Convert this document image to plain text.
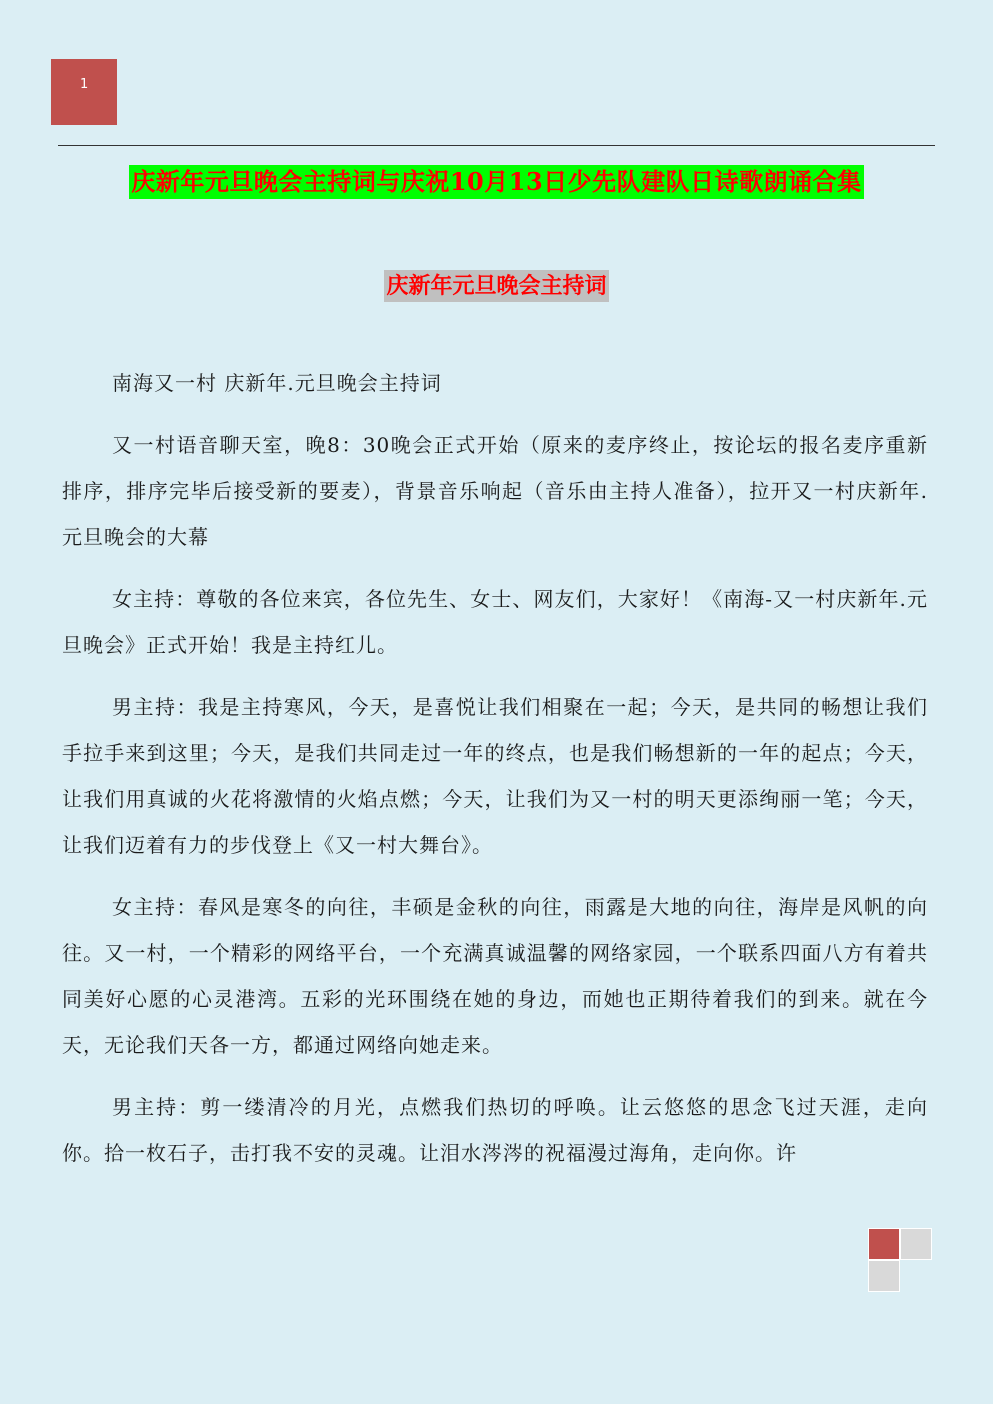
1
庆新年元旦晚会主持词与庆祝10月13日少先队建队日诗歌朗诵合集
庆新年元旦晚会主持词

南海又一村 庆新年.元旦晚会主持词

又一村语音聊天室，晚8：30晚会正式开始（原来的麦序终止，按论坛的报名麦序重新排序，排序完毕后接受新的要麦），背景音乐响起（音乐由主持人准备），拉开又一村庆新年.元旦晚会的大幕

女主持：尊敬的各位来宾，各位先生、女士、网友们，大家好！《南海-又一村庆新年.元旦晚会》正式开始！我是主持红儿。

男主持：我是主持寒风，今天，是喜悦让我们相聚在一起；今天，是共同的畅想让我们手拉手来到这里；今天，是我们共同走过一年的终点，也是我们畅想新的一年的起点；今天，让我们用真诚的火花将激情的火焰点燃；今天，让我们为又一村的明天更添绚丽一笔；今天，让我们迈着有力的步伐登上《又一村大舞台》。

女主持：春风是寒冬的向往，丰硕是金秋的向往，雨露是大地的向往，海岸是风帆的向往。又一村，一个精彩的网络平台，一个充满真诚温馨的网络家园，一个联系四面八方有着共同美好心愿的心灵港湾。五彩的光环围绕在她的身边，而她也正期待着我们的到来。就在今天，无论我们天各一方，都通过网络向她走来。

男主持：剪一缕清冷的月光，点燃我们热切的呼唤。让云悠悠的思念飞过天涯，走向你。拾一枚石子，击打我不安的灵魂。让泪水涔涔的祝福漫过海角，走向你。许
